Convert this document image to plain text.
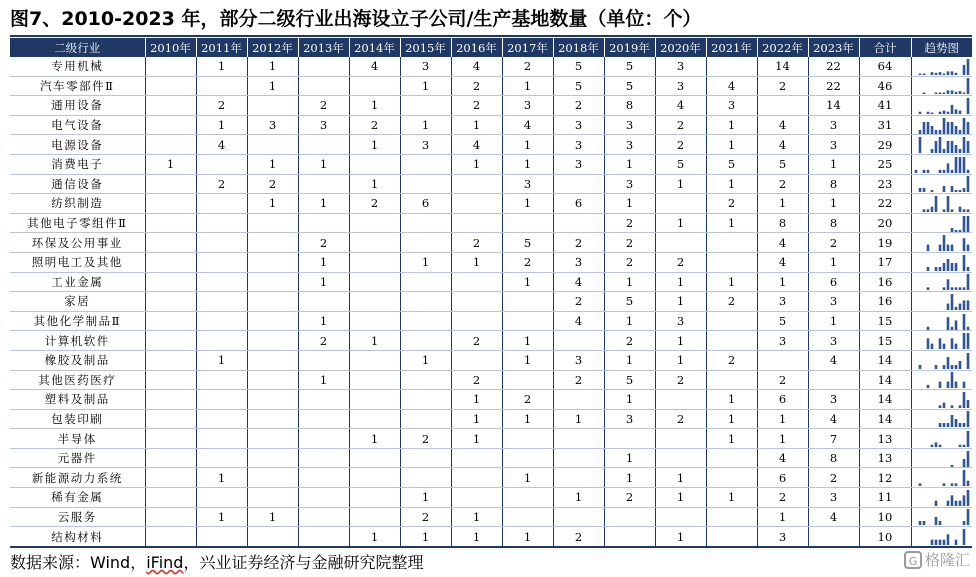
图7、2010-2023 年，部分二级行业出海设立子公司/生产基地数量（单位：个）
二级行业	2010年	2011年	2012年	2013年	2014年	2015年	2016年	2017年	2018年	2019年	2020年	2021年	2022年	2023年	合计	趋势图
专用机械		1	1		4	3	4	2	5	5	3		14	22	64	

汽车零部件Ⅱ			1			1	2	1	5	5	3	4	2	22	46	

通用设备		2		2	1		2	3	2	8	4	3		14	41	

电气设备		1	3	3	2	1	1	4	3	3	2	1	4	3	31	

电源设备		4			1	3	4	1	3	3	2	1	4	3	29	

消费电子	1		1	1			1	1	3	1	5	5	5	1	25	

通信设备		2	2		1			3		3	1	1	2	8	23	

纺织制造			1	1	2	6		1	6	1		2	1	1	22	

其他电子零组件Ⅱ										2	1	1	8	8	20	

环保及公用事业				2			2	5	2	2			4	2	19	

照明电工及其他				1		1	1	2	3	2	2		4	1	17	

工业金属				1				1	4	1	1	1	1	6	16	

家居									2	5	1	2	3	3	16	

其他化学制品Ⅱ				1					4	1	3		5	1	15	

计算机软件				2	1		2	1		2	1		3	3	15	

橡胶及制品		1				1		1	3	1	1	2		4	14	

其他医药医疗				1			2		2	5	2		2		14	

塑料及制品							1	2		1		1	6	3	14	

包装印刷							1	1	1	3	2	1	1	4	14	

半导体					1	2	1					1	1	7	13	

元器件										1			4	8	13	

新能源动力系统		1						1		1	1		6	2	12	

稀有金属						1			1	2	1	1	2	3	11	

云服务		1	1			2	1						1	4	10	

结构材料					1	1	1	1	2		1		3		10	
数据来源：Wind，iFind，兴业证券经济与金融研究院整理	G 格隆汇
